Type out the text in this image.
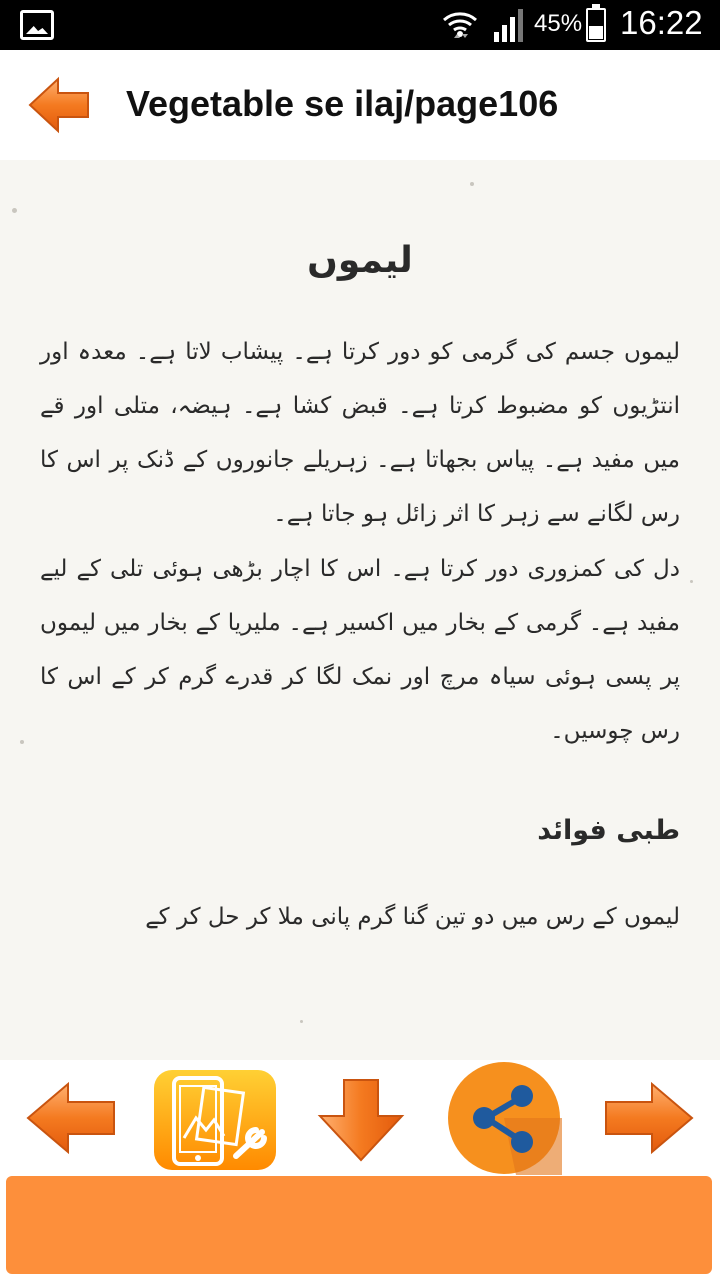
45% 16:22
Vegetable se ilaj/page106
لیموں
لیموں جسم کی گرمی کو دور کرتا ہے۔ پیشاب لاتا ہے۔ معدہ اور انتڑیوں کو مضبوط کرتا ہے۔ قبض کشا ہے۔ ہیضہ، متلی اور قے میں مفید ہے۔ پیاس بجھاتا ہے۔ زہریلے جانوروں کے ڈنک پر اس کا رس لگانے سے زہر کا اثر زائل ہو جاتا ہے۔
دل کی کمزوری دور کرتا ہے۔ اس کا اچار بڑھی ہوئی تلی کے لیے مفید ہے۔ گرمی کے بخار میں اکسیر ہے۔ ملیریا کے بخار میں لیموں پر پسی ہوئی سیاہ مرچ اور نمک لگا کر قدرے گرم کر کے اس کا رس چوسیں۔
طبی فوائد
لیموں کے رس میں دو تین گنا گرم پانی ملا کر حل کر کے
